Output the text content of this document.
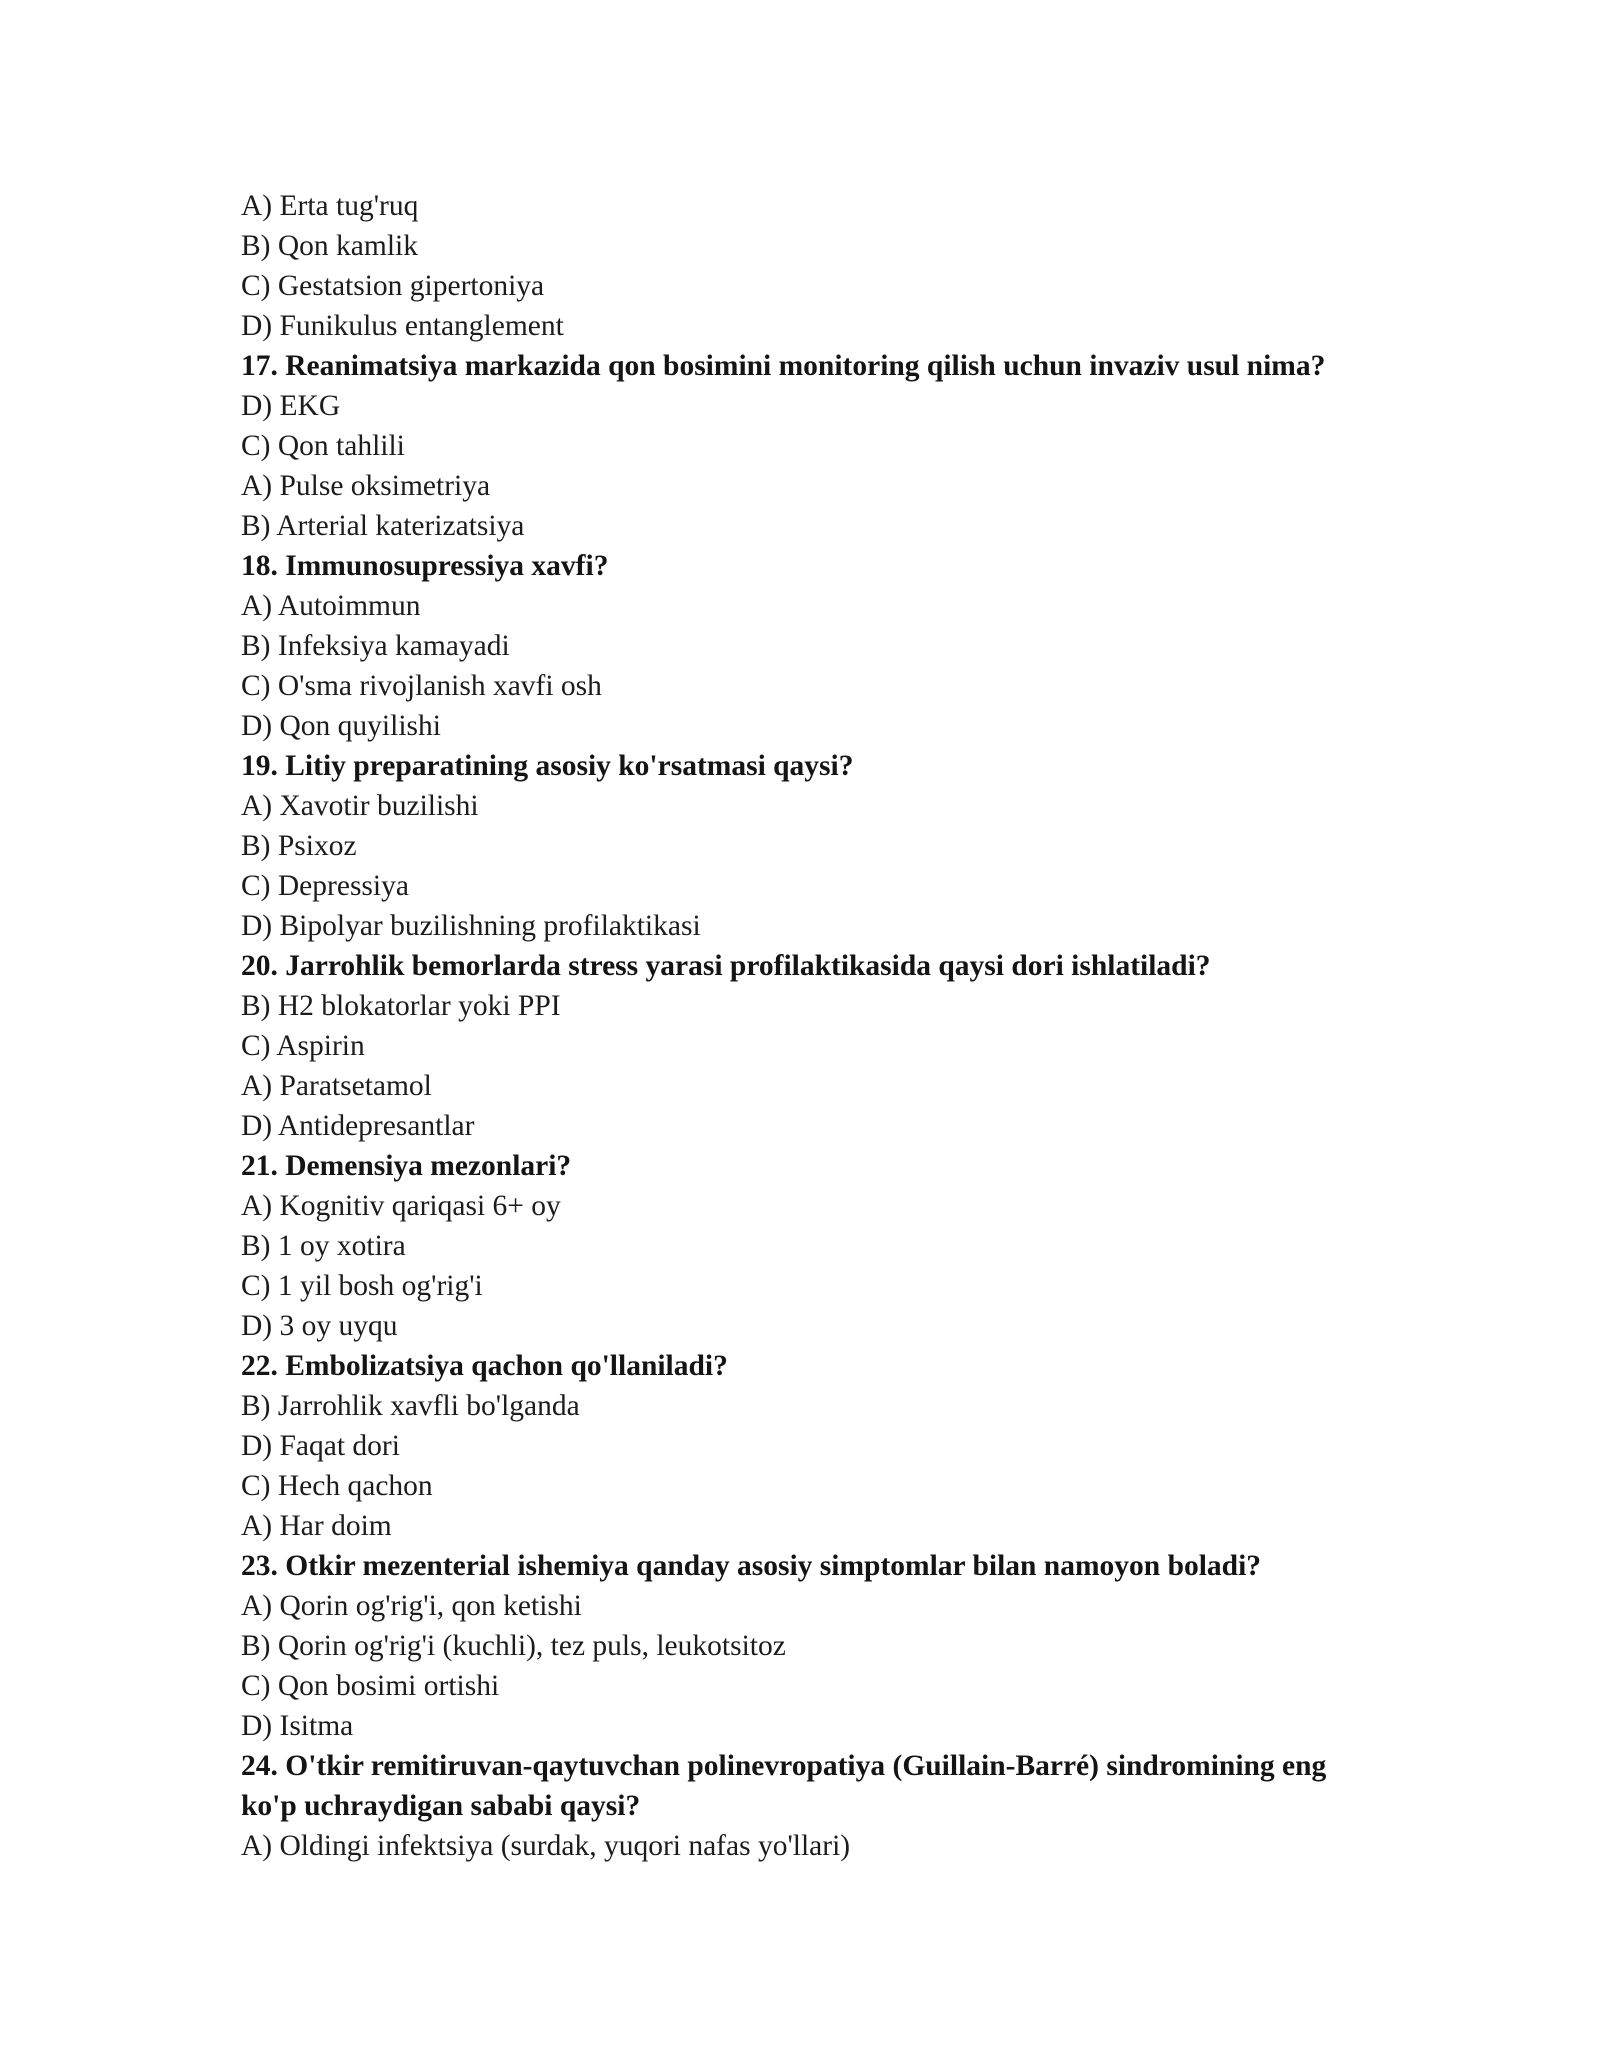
A) Erta tug'ruq
B) Qon kamlik
C) Gestatsion gipertoniya
D) Funikulus entanglement
17. Reanimatsiya markazida qon bosimini monitoring qilish uchun invaziv usul nima?
D) EKG
C) Qon tahlili
A) Pulse oksimetriya
B) Arterial katerizatsiya
18. Immunosupressiya xavfi?
A) Autoimmun
B) Infeksiya kamayadi
C) O'sma rivojlanish xavfi osh
D) Qon quyilishi
19. Litiy preparatining asosiy ko'rsatmasi qaysi?
A) Xavotir buzilishi
B) Psixoz
C) Depressiya
D) Bipolyar buzilishning profilaktikasi
20. Jarrohlik bemorlarda stress yarasi profilaktikasida qaysi dori ishlatiladi?
B) H2 blokatorlar yoki PPI
C) Aspirin
A) Paratsetamol
D) Antidepresantlar
21. Demensiya mezonlari?
A) Kognitiv qariqasi 6+ oy
B) 1 oy xotira
C) 1 yil bosh og'rig'i
D) 3 oy uyqu
22. Embolizatsiya qachon qo'llaniladi?
B) Jarrohlik xavfli bo'lganda
D) Faqat dori
C) Hech qachon
A) Har doim
23. Otkir mezenterial ishemiya qanday asosiy simptomlar bilan namoyon boladi?
A) Qorin og'rig'i, qon ketishi
B) Qorin og'rig'i (kuchli), tez puls, leukotsitoz
C) Qon bosimi ortishi
D) Isitma
24. O'tkir remitiruvan-qaytuvchan polinevropatiya (Guillain-Barré) sindromining eng
ko'p uchraydigan sababi qaysi?
A) Oldingi infektsiya (surdak, yuqori nafas yo'llari)
